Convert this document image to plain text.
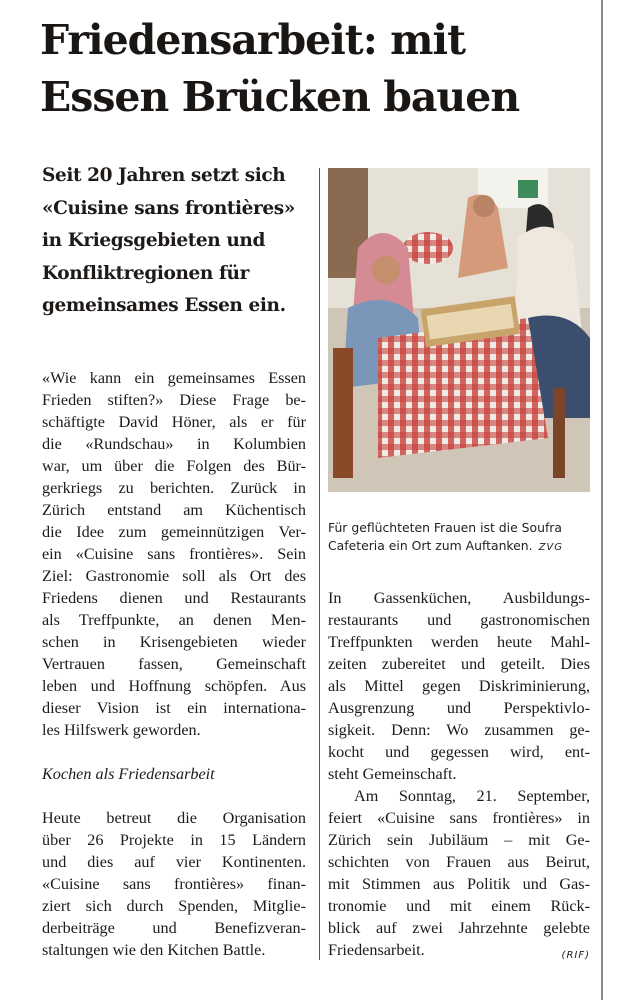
Friedensarbeit: mit
Essen Brücken bauen
Seit 20 Jahren setzt sich
«Cuisine sans frontières»
in Kriegsgebieten und
Konfliktregionen für
gemeinsames Essen ein.
Für geflüchteten Frauen ist die Soufra Cafeteria ein Ort zum Auftanken. ZVG
«Wie kann ein gemeinsames Essen
Frieden stiften?» Diese Frage be-
schäftigte David Höner, als er für
die «Rundschau» in Kolumbien
war, um über die Folgen des Bür-
gerkriegs zu berichten. Zurück in
Zürich entstand am Küchentisch
die Idee zum gemeinnützigen Ver-
ein «Cuisine sans frontières». Sein
Ziel: Gastronomie soll als Ort des
Friedens dienen und Restaurants
als Treffpunkte, an denen Men-
schen in Krisengebieten wieder
Vertrauen fassen, Gemeinschaft
leben und Hoffnung schöpfen. Aus
dieser Vision ist ein internationa-
les Hilfswerk geworden.
Kochen als Friedensarbeit
Heute betreut die Organisation
über 26 Projekte in 15 Ländern
und dies auf vier Kontinenten.
«Cuisine sans frontières» finan-
ziert sich durch Spenden, Mitglie-
derbeiträge und Benefizveran-
staltungen wie den Kitchen Battle.
In Gassenküchen, Ausbildungs-
restaurants und gastronomischen
Treffpunkten werden heute Mahl-
zeiten zubereitet und geteilt. Dies
als Mittel gegen Diskriminierung,
Ausgrenzung und Perspektivlo-
sigkeit. Denn: Wo zusammen ge-
kocht und gegessen wird, ent-
steht Gemeinschaft.
Am Sonntag, 21. September,
feiert «Cuisine sans frontières» in
Zürich sein Jubiläum – mit Ge-
schichten von Frauen aus Beirut,
mit Stimmen aus Politik und Gas-
tronomie und mit einem Rück-
blick auf zwei Jahrzehnte gelebte
(RIF)
Friedensarbeit.
